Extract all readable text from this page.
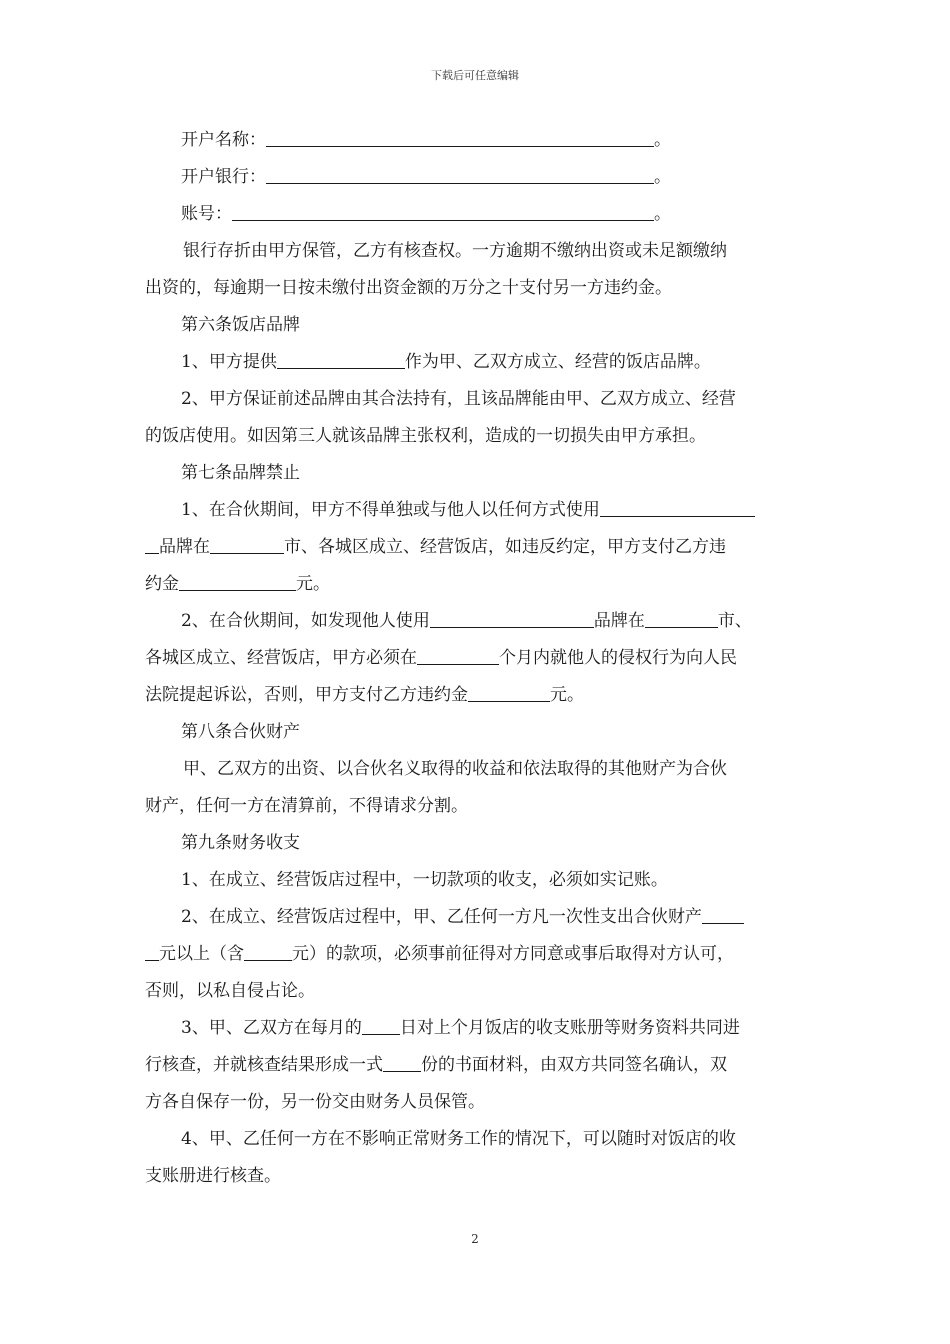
下载后可任意编辑
开户名称：	。
开户银行：	。
账号：	。
银行存折由甲方保管，乙方有核查权。一方逾期不缴纳出资或未足额缴纳
出资的，每逾期一日按未缴付出资金额的万分之十支付另一方违约金。
第六条饭店品牌
1、甲方提供	作为甲、乙双方成立、经营的饭店品牌。
2、甲方保证前述品牌由其合法持有，且该品牌能由甲、乙双方成立、经营
的饭店使用。如因第三人就该品牌主张权利，造成的一切损失由甲方承担。
第七条品牌禁止
1、在合伙期间，甲方不得单独或与他人以任何方式使用
品牌在	市、各城区成立、经营饭店，如违反约定，甲方支付乙方违
约金	元。
2、在合伙期间，如发现他人使用	品牌在	市、
各城区成立、经营饭店，甲方必须在	个月内就他人的侵权行为向人民
法院提起诉讼，否则，甲方支付乙方违约金	元。
第八条合伙财产
甲、乙双方的出资、以合伙名义取得的收益和依法取得的其他财产为合伙
财产，任何一方在清算前，不得请求分割。
第九条财务收支
1、在成立、经营饭店过程中，一切款项的收支，必须如实记账。
2、在成立、经营饭店过程中，甲、乙任何一方凡一次性支出合伙财产
元以上（含	元）的款项，必须事前征得对方同意或事后取得对方认可，
否则，以私自侵占论。
3、甲、乙双方在每月的 日对上个月饭店的收支账册等财务资料共同进
行核查，并就核查结果形成一式 份的书面材料，由双方共同签名确认，双
方各自保存一份，另一份交由财务人员保管。
4、甲、乙任何一方在不影响正常财务工作的情况下，可以随时对饭店的收
支账册进行核查。
2
